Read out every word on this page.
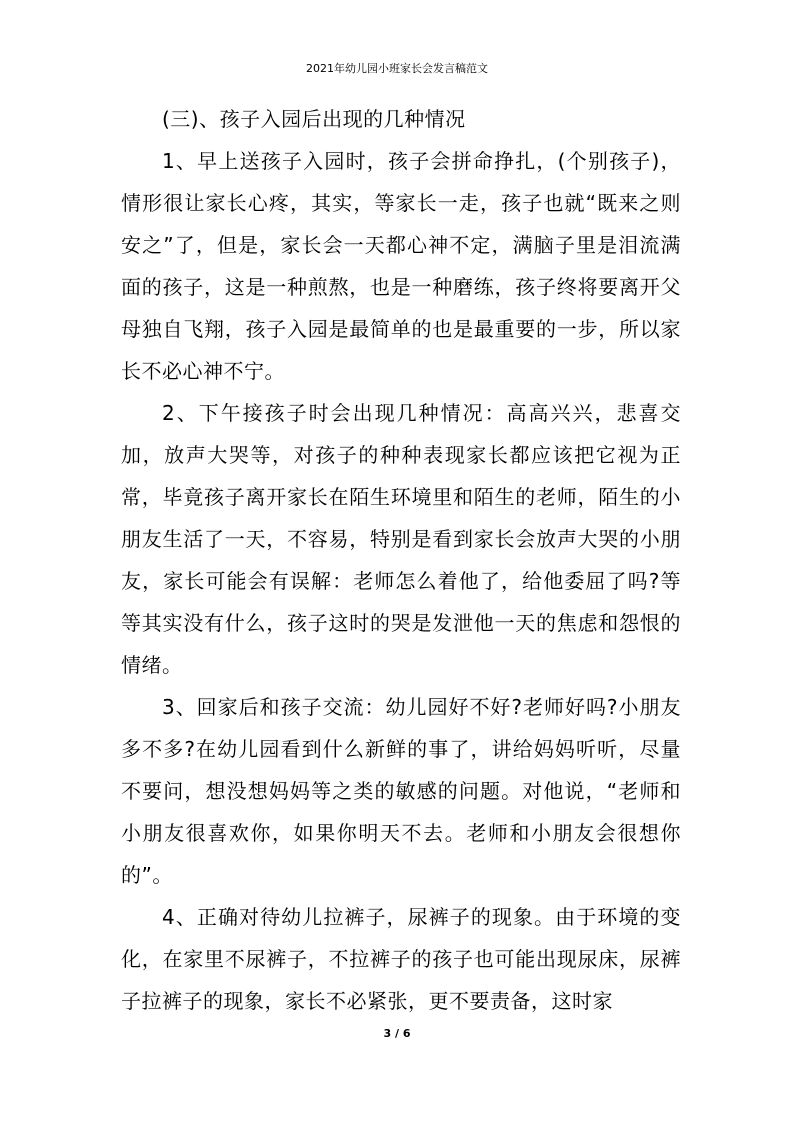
2021年幼儿园小班家长会发言稿范文

(三)、孩子入园后出现的几种情况

1、早上送孩子入园时，孩子会拼命挣扎，(个别孩子)，情形很让家长心疼，其实，等家长一走，孩子也就“既来之则安之”了，但是，家长会一天都心神不定，满脑子里是泪流满面的孩子，这是一种煎熬，也是一种磨练，孩子终将要离开父母独自飞翔，孩子入园是最简单的也是最重要的一步，所以家长不必心神不宁。

2、下午接孩子时会出现几种情况：高高兴兴，悲喜交加，放声大哭等，对孩子的种种表现家长都应该把它视为正常，毕竟孩子离开家长在陌生环境里和陌生的老师，陌生的小朋友生活了一天，不容易，特别是看到家长会放声大哭的小朋友，家长可能会有误解：老师怎么着他了，给他委屈了吗?等等其实没有什么，孩子这时的哭是发泄他一天的焦虑和怨恨的情绪。

3、回家后和孩子交流：幼儿园好不好?老师好吗?小朋友多不多?在幼儿园看到什么新鲜的事了，讲给妈妈听听，尽量不要问，想没想妈妈等之类的敏感的问题。对他说，“老师和小朋友很喜欢你，如果你明天不去。老师和小朋友会很想你的”。

4、正确对待幼儿拉裤子，尿裤子的现象。由于环境的变化，在家里不尿裤子，不拉裤子的孩子也可能出现尿床，尿裤子拉裤子的现象，家长不必紧张，更不要责备，这时家

3 / 6
